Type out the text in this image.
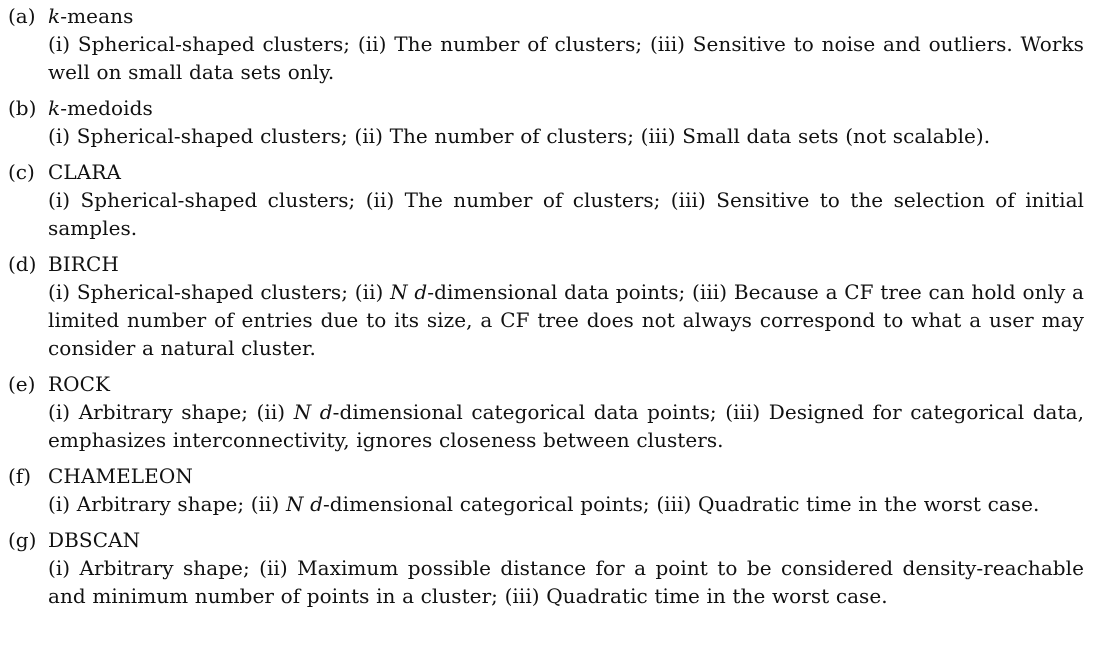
(a) k-means
(i) Spherical-shaped clusters; (ii) The number of clusters; (iii) Sensitive to noise and outliers. Works well on small data sets only.
(b) k-medoids
(i) Spherical-shaped clusters; (ii) The number of clusters; (iii) Small data sets (not scalable).
(c) CLARA
(i) Spherical-shaped clusters; (ii) The number of clusters; (iii) Sensitive to the selection of initial samples.
(d) BIRCH
(i) Spherical-shaped clusters; (ii) N d-dimensional data points; (iii) Because a CF tree can hold only a limited number of entries due to its size, a CF tree does not always correspond to what a user may consider a natural cluster.
(e) ROCK
(i) Arbitrary shape; (ii) N d-dimensional categorical data points; (iii) Designed for categorical data, emphasizes interconnectivity, ignores closeness between clusters.
(f) CHAMELEON
(i) Arbitrary shape; (ii) N d-dimensional categorical points; (iii) Quadratic time in the worst case.
(g) DBSCAN
(i) Arbitrary shape; (ii) Maximum possible distance for a point to be considered density-reachable and minimum number of points in a cluster; (iii) Quadratic time in the worst case.
